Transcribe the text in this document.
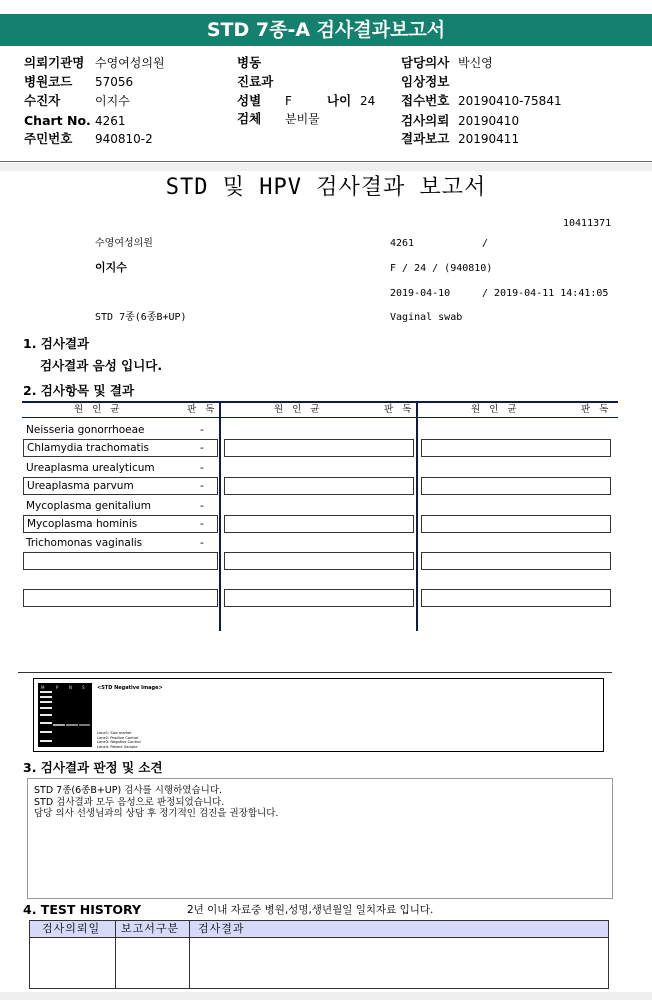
STD 7종-A 검사결과보고서
의뢰기관명 수영여성의원	병동	담당의사 박신영
병원코드 57056	진료과	임상정보
수진자	이지수	성별 F	나이 24 접수번호 20190410-75841
Chart No. 4261	검체 분비물	검사의뢰 20190410
주민번호 940810-2	결과보고 20190411
STD 및 HPV 검사결과 보고서
10411371
수영여성의원	4261	/
이지수	F / 24 / (940810)
2019-04-10	/ 2019-04-11 14:41:05
STD 7종(6종B+UP)	Vaginal swab
1. 검사결과
검사결과 음성 입니다.
2. 검사항목 및 결과
원 인 균	판 독	원 인 균	판 독	원 인 균	판 독
Neisseria gonorrhoeae	-
Chlamydia trachomatis	-
Ureaplasma urealyticum	-
Ureaplasma parvum	-
Mycoplasma genitalium	-
Mycoplasma hominis	-
Trichomonas vaginalis	-
M	P	N	S <STD Negative Image>
Lane1: Size marker
Lane2: Positive Control
Lane3: Negative Control
Lane4: Patient Sample
3. 검사결과 판정 및 소견
STD 7종(6종B+UP) 검사를 시행하였습니다.
STD 검사결과 모두 음성으로 판정되었습니다.
담당 의사 선생님과의 상담 후 정기적인 검진을 권장합니다.
4. TEST HISTORY	2년 이내 자료중 병원,성명,생년월일 일치자료 입니다.
검사의뢰일 보고서구분 검사결과
